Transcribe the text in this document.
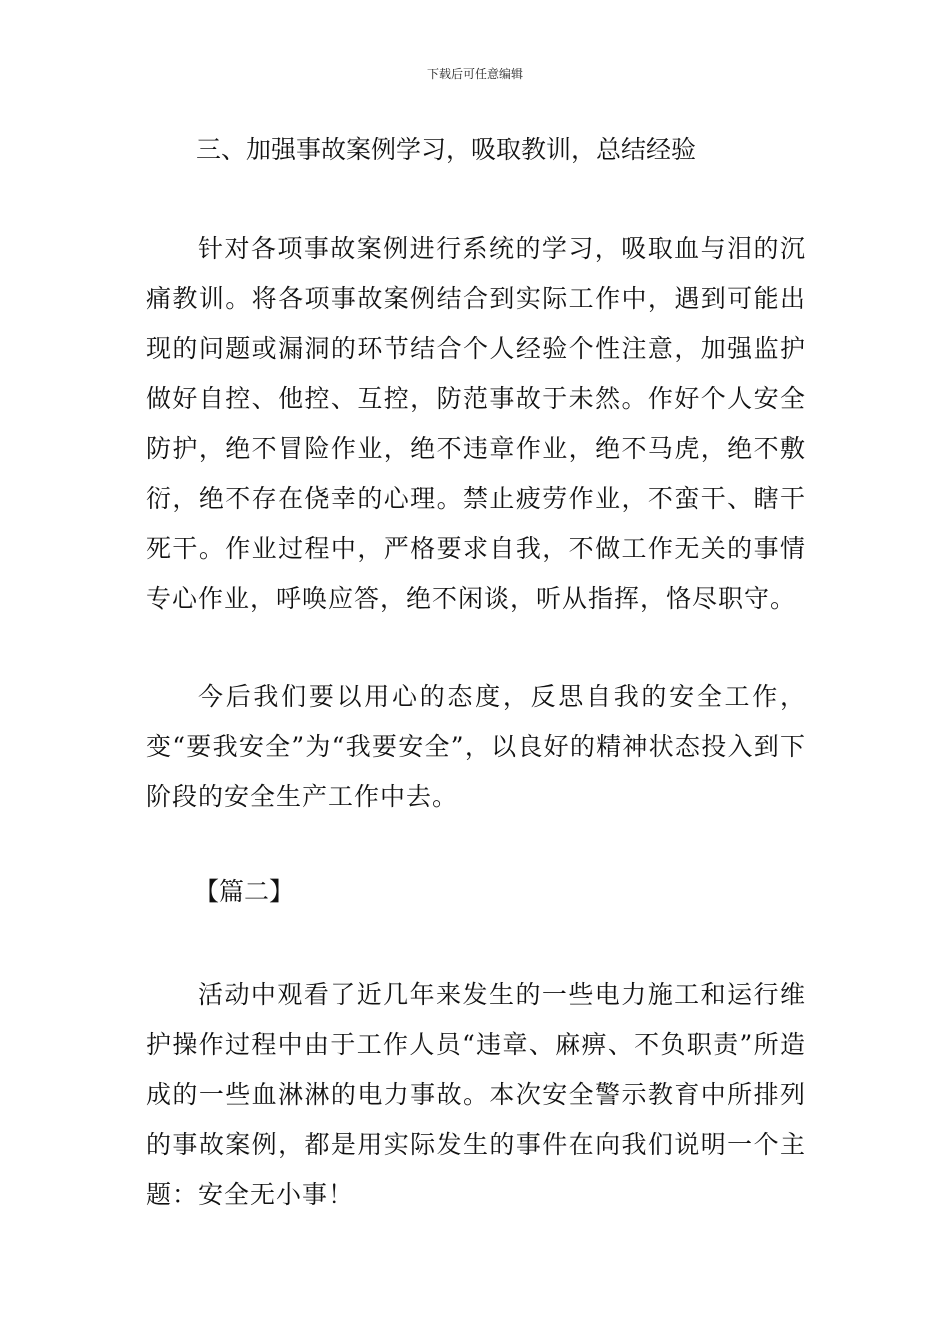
下载后可任意编辑
三、加强事故案例学习，吸取教训，总结经验

针对各项事故案例进行系统的学习，吸取血与泪的沉痛教训。将各项事故案例结合到实际工作中，遇到可能出现的问题或漏洞的环节结合个人经验个性注意，加强监护做好自控、他控、互控，防范事故于未然。作好个人安全防护，绝不冒险作业，绝不违章作业，绝不马虎，绝不敷衍，绝不存在侥幸的心理。禁止疲劳作业，不蛮干、瞎干死干。作业过程中，严格要求自我，不做工作无关的事情专心作业，呼唤应答，绝不闲谈，听从指挥，恪尽职守。

今后我们要以用心的态度，反思自我的安全工作，变“要我安全”为“我要安全”，以良好的精神状态投入到下阶段的安全生产工作中去。

【篇二】

活动中观看了近几年来发生的一些电力施工和运行维护操作过程中由于工作人员“违章、麻痹、不负职责”所造成的一些血淋淋的电力事故。本次安全警示教育中所排列的事故案例，都是用实际发生的事件在向我们说明一个主题：安全无小事！
